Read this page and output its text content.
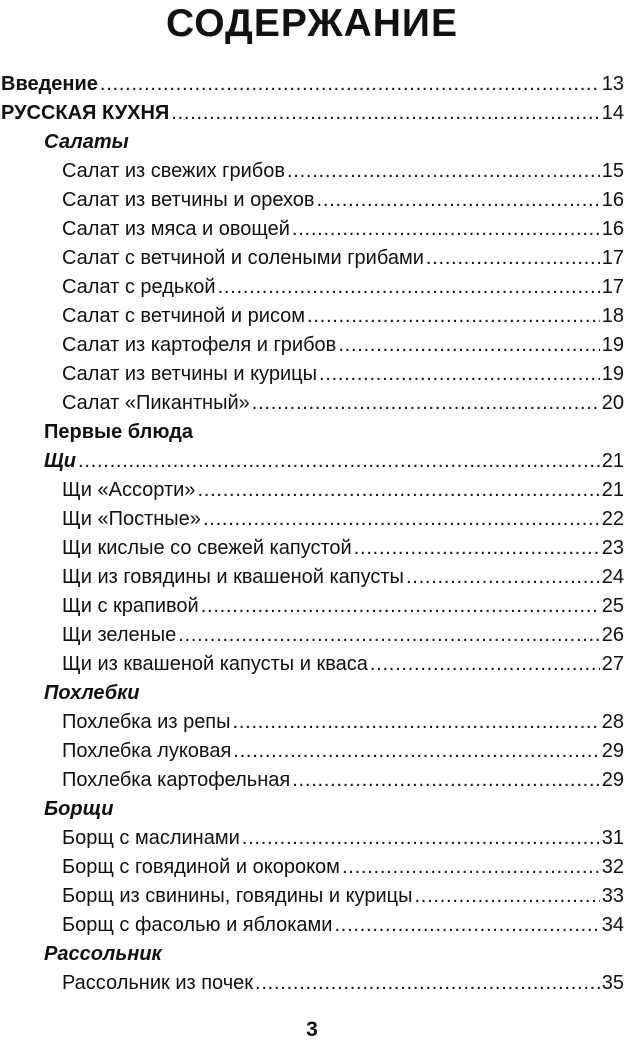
СОДЕРЖАНИЕ
Введение . . .	13
РУССКАЯ КУХНЯ . . .	14
Салаты
Салат из свежих грибов . . .	15
Салат из ветчины и орехов . . .	16
Салат из мяса и овощей . . .	16
Салат с ветчиной и солеными грибами . . .	17
Салат с редькой . . .	17
Салат с ветчиной и рисом . . .	18
Салат из картофеля и грибов . . .	19
Салат из ветчины и курицы . . .	19
Салат «Пикантный» . . .	20
Первые блюда
Щи . . .	21
Щи «Ассорти» . . .	21
Щи «Постные» . . .	22
Щи кислые со свежей капустой . . .	23
Щи из говядины и квашеной капусты . . .	24
Щи с крапивой . . .	25
Щи зеленые . . .	26
Щи из квашеной капусты и кваса . . .	27
Похлебки
Похлебка из репы . . .	28
Похлебка луковая . . .	29
Похлебка картофельная . . .	29
Борщи
Борщ с маслинами . . .	31
Борщ с говядиной и окороком . . .	32
Борщ из свинины, говядины и курицы . . .	33
Борщ с фасолью и яблоками . . .	34
Рассольник
Рассольник из почек . . .	35
3
